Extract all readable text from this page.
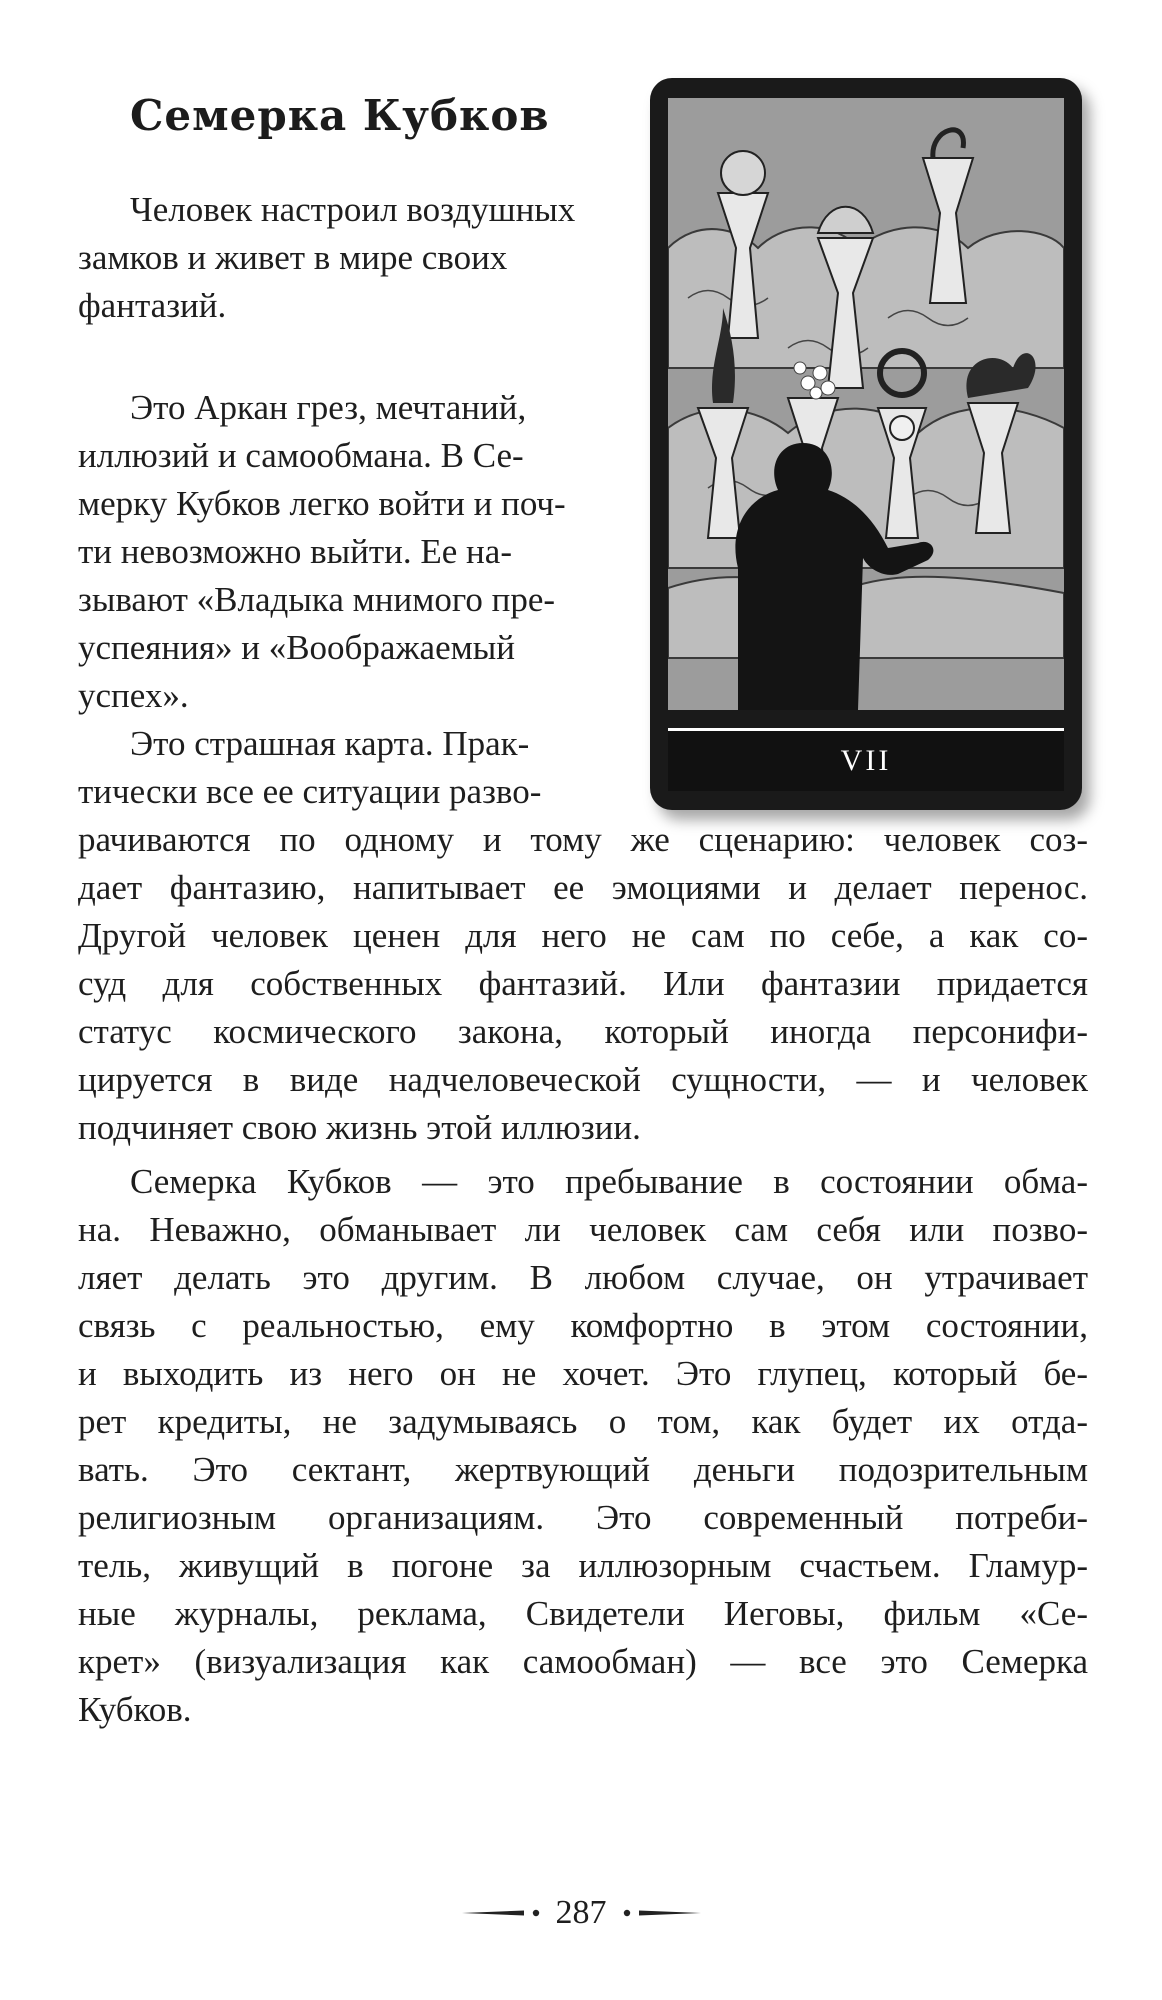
Семерка Кубков
VII
Человек настроил воздушных
замков и живет в мире своих
фантазий.
Это Аркан грез, мечтаний,
иллюзий и самообмана. В Се-
мерку Кубков легко войти и поч-
ти невозможно выйти. Ее на-
зывают «Владыка мнимого пре-
успеяния» и «Воображаемый
успех».
Это страшная карта. Прак-
тически все ее ситуации разво-
рачиваются по одному и тому же сценарию: человек соз-
дает фантазию, напитывает ее эмоциями и делает перенос.
Другой человек ценен для него не сам по себе, а как со-
суд для собственных фантазий. Или фантазии придается
статус космического закона, который иногда персонифи-
цируется в виде надчеловеческой сущности, — и человек
подчиняет свою жизнь этой иллюзии.
Семерка Кубков — это пребывание в состоянии обма-
на. Неважно, обманывает ли человек сам себя или позво-
ляет делать это другим. В любом случае, он утрачивает
связь с реальностью, ему комфортно в этом состоянии,
и выходить из него он не хочет. Это глупец, который бе-
рет кредиты, не задумываясь о том, как будет их отда-
вать. Это сектант, жертвующий деньги подозрительным
религиозным организациям. Это современный потреби-
тель, живущий в погоне за иллюзорным счастьем. Гламур-
ные журналы, реклама, Свидетели Иеговы, фильм «Се-
крет» (визуализация как самообман) — все это Семерка
Кубков.
287
